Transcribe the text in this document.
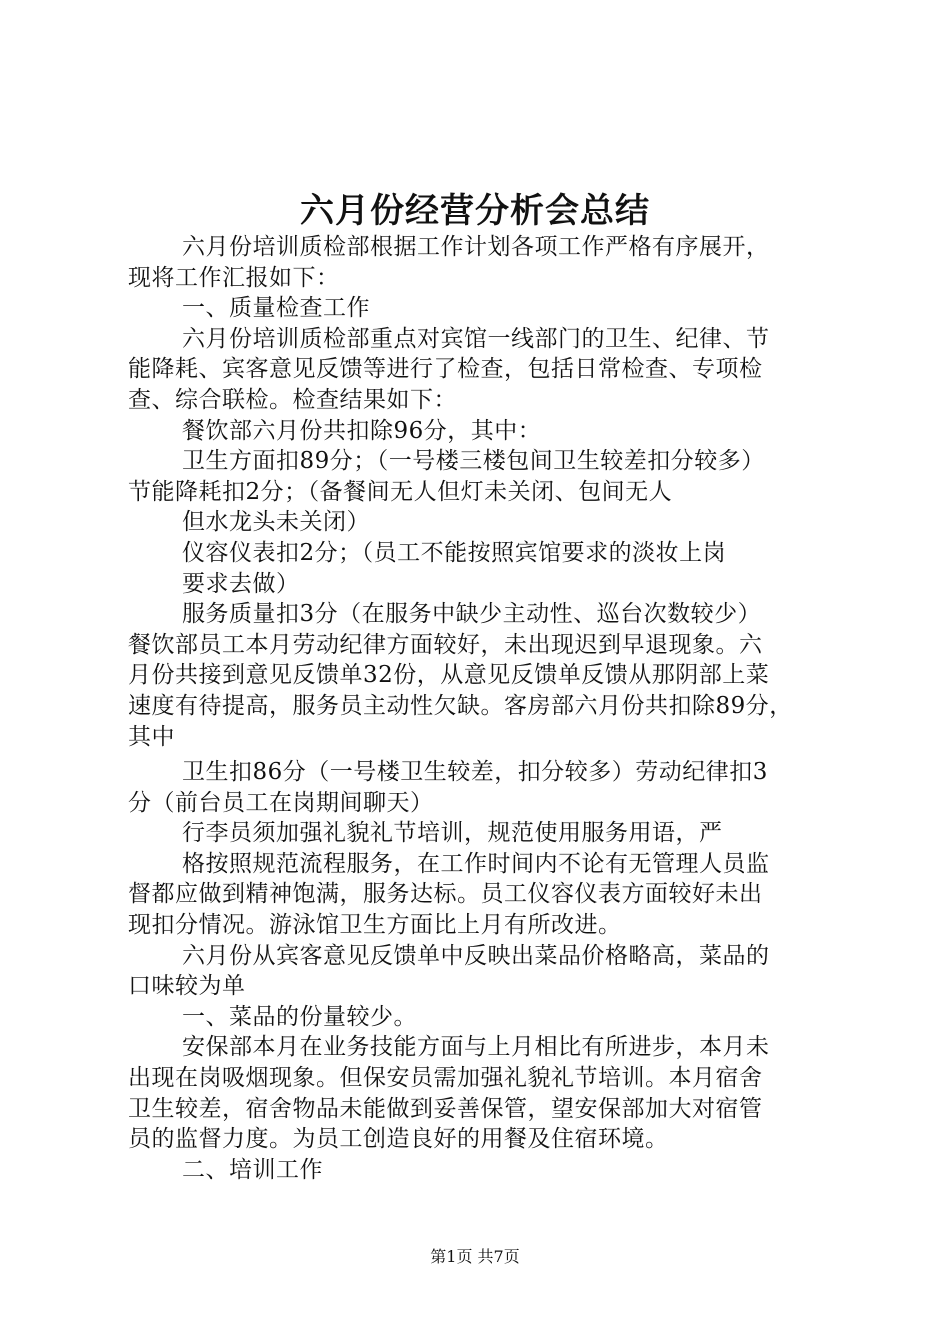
六月份经营分析会总结
六月份培训质检部根据工作计划各项工作严格有序展开，
现将工作汇报如下：
一、质量检查工作
六月份培训质检部重点对宾馆一线部门的卫生、纪律、节
能降耗、宾客意见反馈等进行了检查，包括日常检查、专项检
查、综合联检。检查结果如下：
餐饮部六月份共扣除96分，其中：
卫生方面扣89分；（一号楼三楼包间卫生较差扣分较多）
节能降耗扣2分；（备餐间无人但灯未关闭、包间无人
但水龙头未关闭）
仪容仪表扣2分；（员工不能按照宾馆要求的淡妆上岗
要求去做）
服务质量扣3分（在服务中缺少主动性、巡台次数较少）
餐饮部员工本月劳动纪律方面较好，未出现迟到早退现象。六
月份共接到意见反馈单32份，从意见反馈单反馈从那阴部上菜
速度有待提高，服务员主动性欠缺。客房部六月份共扣除89分，
其中
卫生扣86分（一号楼卫生较差，扣分较多）劳动纪律扣3
分（前台员工在岗期间聊天）
行李员须加强礼貌礼节培训，规范使用服务用语，严
格按照规范流程服务，在工作时间内不论有无管理人员监
督都应做到精神饱满，服务达标。员工仪容仪表方面较好未出
现扣分情况。游泳馆卫生方面比上月有所改进。
六月份从宾客意见反馈单中反映出菜品价格略高，菜品的
口味较为单
一、菜品的份量较少。
安保部本月在业务技能方面与上月相比有所进步，本月未
出现在岗吸烟现象。但保安员需加强礼貌礼节培训。本月宿舍
卫生较差，宿舍物品未能做到妥善保管，望安保部加大对宿管
员的监督力度。为员工创造良好的用餐及住宿环境。
二、培训工作
第1页 共7页
